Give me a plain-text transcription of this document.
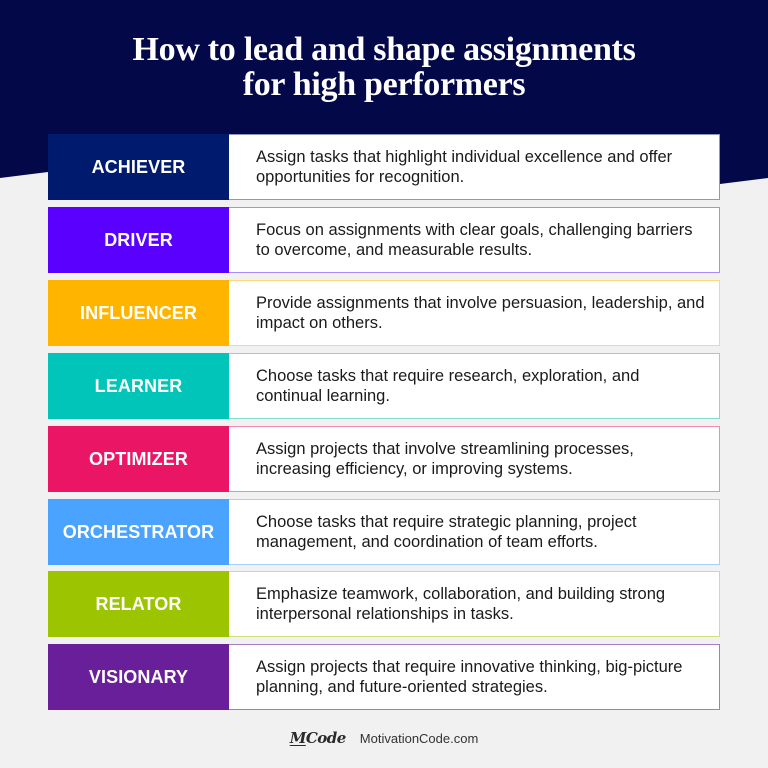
How to lead and shape assignments
for high performers
ACHIEVER	Assign tasks that highlight individual excellence and offer opportunities for recognition.
DRIVER	Focus on assignments with clear goals, challenging barriers to overcome, and measurable results.
INFLUENCER	Provide assignments that involve persuasion, leadership, and impact on others.
LEARNER	Choose tasks that require research, exploration, and continual learning.
OPTIMIZER	Assign projects that involve streamlining processes, increasing efficiency, or improving systems.
ORCHESTRATOR	Choose tasks that require strategic planning, project management, and coordination of team efforts.
RELATOR	Emphasize teamwork, collaboration, and building strong interpersonal relationships in tasks.
VISIONARY	Assign projects that require innovative thinking, big-picture planning, and future-oriented strategies.
MCode MotivationCode.com
